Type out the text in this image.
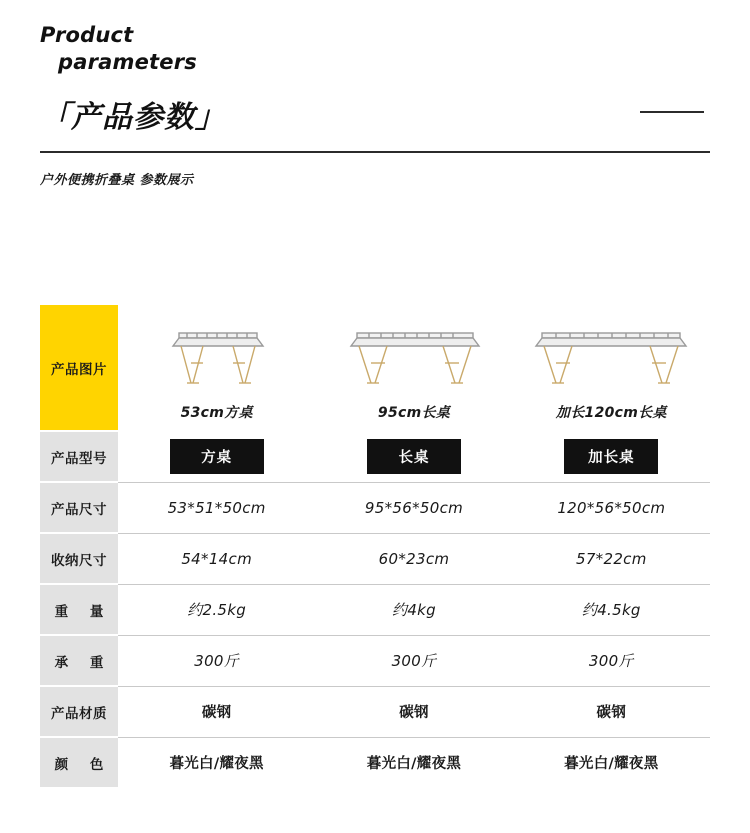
Product
parameters
「产品参数」
户外便携折叠桌 参数展示
产品图片	53cm方桌	95cm长桌	加长120cm长桌

产品型号	方桌	长桌	加长桌
产品尺寸	53*51*50cm	95*56*50cm	120*56*50cm
收纳尺寸	54*14cm	60*23cm	57*22cm
重 量	约2.5kg	约4kg	约4.5kg
承 重	300斤	300斤	300斤
产品材质	碳钢	碳钢	碳钢
颜 色	暮光白/耀夜黑	暮光白/耀夜黑	暮光白/耀夜黑
